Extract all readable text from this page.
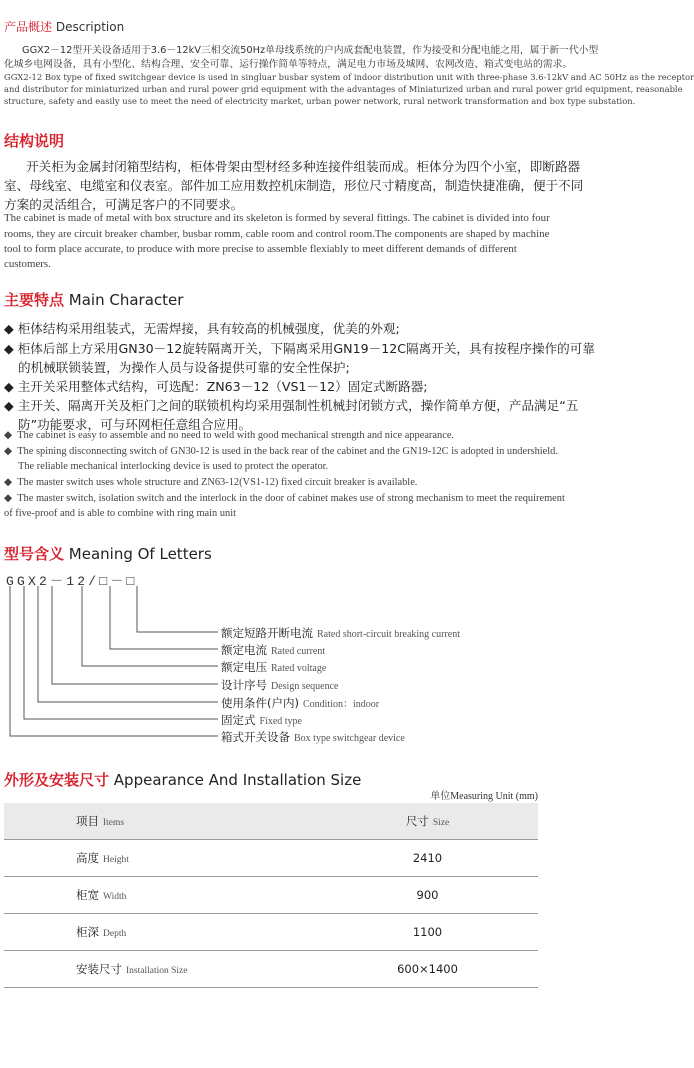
产品概述 Description
GGX2－12型开关设备适用于3.6－12kV三相交流50Hz单母线系统的户内成套配电装置，作为接受和分配电能之用，属于新一代小型
化城乡电网设备，具有小型化、结构合理、安全可靠、运行操作简单等特点，满足电力市场及城网、农网改造、箱式变电站的需求。
GGX2-12 Box type of fixed switchgear device is used in singluar busbar system of indoor distribution unit with three-phase 3.6-12kV and AC 50Hz as the receptor
and distributor for miniaturized urban and rural power grid equipment with the advantages of Miniaturized urban and rural power grid equipment, reasonable
structure, safety and easily use to meet the need of electricity market, urban power network, rural network transformation and box type substation.
结构说明
开关柜为金属封闭箱型结构，柜体骨架由型材经多种连接件组装而成。柜体分为四个小室，即断路器
室、母线室、电缆室和仪表室。部件加工应用数控机床制造，形位尺寸精度高，制造快捷准确，便于不同
方案的灵活组合，可满足客户的不同要求。
The cabinet is made of metal with box structure and its skeleton is formed by several fittings. The cabinet is divided into four
rooms, they are circuit breaker chamber, busbar romm, cable room and control room.The components are shaped by machine
tool to form place accurate, to produce with more precise to assemble flexiably to meet different demands of different
customers.
主要特点 Main Character
◆ 柜体结构采用组装式，无需焊接，具有较高的机械强度，优美的外观;
◆ 柜体后部上方采用GN30－12旋转隔离开关，下隔离采用GN19－12C隔离开关，具有按程序操作的可靠
的机械联锁装置，为操作人员与设备提供可靠的安全性保护;
◆ 主开关采用整体式结构，可选配：ZN63－12（VS1－12）固定式断路器;
◆ 主开关、隔离开关及柜门之间的联锁机构均采用强制性机械封闭锁方式，操作简单方便，产品满足“五
防”功能要求，可与环网柜任意组合应用。
◆ The cabinet is easy to assemble and no need to weld with good mechanical strength and nice appearance.
◆ The spining disconnecting switch of GN30-12 is used in the back rear of the cabinet and the GN19-12C is adopted in undershield.
The reliable mechanical interlocking device is used to protect the operator.
◆ The master switch uses whole structure and ZN63-12(VS1-12) fixed circuit breaker is available.
◆ The master switch, isolation switch and the interlock in the door of cabinet makes use of strong mechanism to meet the requirement
of five-proof and is able to combine with ring main unit
型号含义 Meaning Of Letters
GGX2－12/□－□
额定短路开断电流 Rated short-circuit breaking current
额定电流 Rated current
额定电压 Rated voltage
设计序号 Design sequence
使用条件(户内) Condition：indoor
固定式 Fixed type
箱式开关设备 Box type switchgear device
外形及安装尺寸 Appearance And Installation Size
单位Measuring Unit (mm)
项目 Items	尺寸 Size
高度 Height	2410
柜宽 Width	900
柜深 Depth	1100
安装尺寸 Installation Size	600×1400
